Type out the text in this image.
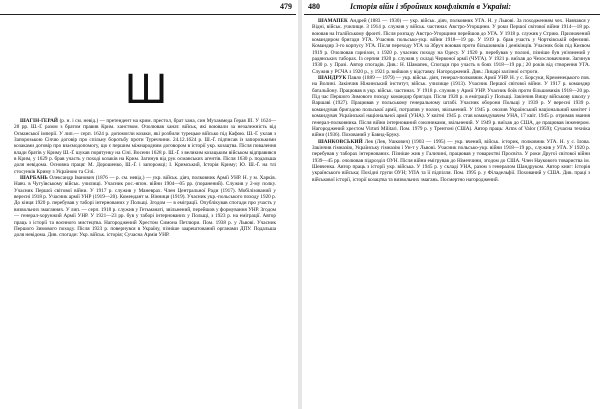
479
Ш

ШАГІН-ҐЕРАЙ (р. н. і см. невід.) — претендент на крим. престол, брат хана, син Мухаммеда Ґерая III. У 1624—28 рр. Ш.-Ґ. разом з братом правив Крим. ханством. Очолював ханат. військ, які воювали за незалежність від Османської імперії. У лип.— серп. 1624 р. допомогли козаки, які розбили турецьке військо під Кафою. Ш.-Ґ. уклав з Запорозькою Січчю договір про спільну боротьбу проти Туреччини. 24.12.1624 р. Ш.-Ґ. підписав із запорозькими козаками договір про взаємодопомогу, що є першим міжнародним договором в історії укр. козацтва. Після повалення влади братів у Криму Ш.-Ґ. шукав порятунку на Січі. Восени 1628 р. Ш.-Ґ. з великим козацьким військом відправився в Крим, у 1629 р. брав участь у поході козаків на Крим. Загинув від рук османських агентів. Після 1630 р. подальша доля невідома. Основна праця: М. Дорошенко, Ш.-Ґ. і запорожці; І. Кримський, Історія Криму; Ю. Ш.-Ґ. на тлі стосунків Криму з Україною та Січі.

ШАРБАНЬ Олександр Іванович (1876 — р. см. невід.) — укр. військ. діяч, полковник Армії УНР. Н. у м. Харків. Навч. в Чугуївському військ. училищі. Учасник рос.-япон. війни 1904—05 рр. (поранений). Служив у 2-му полку. Учасник Першої світової війни. У 1917 р. служив у Маневрах. Член Центральної Ради (1917). Мобілізований у вересні 1918 р. Учасник армії УНР (1919—20). Комендант м. Вінниця (1919). Учасник укр.-польського походу 1920 р. До кінця 1920 р. перебував у таборі інтернованих у Польщі. Згодом — в еміграції. Опублікував спогади про участь у визвольних змаганнях. У лип. — серп. 1918 р. служив у Гетьманаті, звільнений, перейшов у формування УНР. Згодом — генерал-хорунжий Армії УНР. У 1921—23 рр. був у таборі інтернованих у Польщі, з 1923 р. на еміграції. Автор праць з історії та воєнного мистецтва. Нагороджений Хрестом Симона Петлюри. Пом. 1938 р. у Львові. Учасник Першого Зимового походу. Після 1923 р. повернувся в Україну, пізніше заарештований органами ДПУ. Подальша доля невідома. Див. спогади: Укр. військ. історія; Сучасна Армія УНР.

480	Історія війн і збройних конфліктів в Україні:

ШАМАПЕК Андрей (1883 — 1930) — укр. військ. діяч, полковник УГА. Н. у Львові. За походженням чех. Навчався у Відні, військ. училище. З 1914 р. служив у військ. частинах Австро-Угорщини. У роки Першої світової війни 1914—18 рр. воював на Італійському фронті. Після розпаду Австро-Угорщини перейшов до УГА. У 1918 р. служив у Стрию. Призначений командиром бригади УГА. Учасник польсько-укр. війни 1918—19 рр. У 1919 р. брав участь у Чортківській офензиві. Командир 3-го корпусу УГА. Після переходу УГА за Збруч воював проти більшовиків і денікінців. Учасник боїв під Києвом 1919 р. Очолював гарнізон, з 1920 р. учасник походу на Одесу. У 1920 р. перебував у полоні, пізніше був ув'язнений у радянських таборах. Із серпня 1920 р. служив у складі Червоної армії (ЧУГА). У 1921 р. виїхав до Чехословаччини. Загинув 1930 р. у Празі. Автор спогадів. Див.: Н. Шамапек, Спогади про участь в боях 1918—19 рр.; 20 років від створення УГА. Служив у РСЧА з 1920 р., у 1921 р. вийшов у відставку. Нагороджений. Див.: Лицарі залізної остроги.

ШАНДРУК Павло (1889 — 1979) — укр. військ. діяч, генерал-полковник Армії УНР. Н. у с. Борсуки, Кременецького пов. на Волині. Закінчив Ніжинський інститут, військ. училище (1913). Учасник Першої світової війни. У 1917 р. командир батальйону. Працював в укр. військ. частинах. У 1918 р. служив у Армії УНР. Учасник боїв проти більшовиків 1918—20 рр. Під час Першого Зимового походу командир бригади. Після 1920 р. в еміграції у Польщі. Закінчив Вищу військову школу у Варшаві (1927). Працював у польському генеральному штабі. Учасник оборони Польщі у 1939 р. У вересні 1939 р. командував бригадою польської армії, потрапив у полон, звільнений. У 1945 р. очолив Український національний комітет і командувач Української національної армії (УНА). У квітні 1945 р. став командувачем УНА, 17 квіт. 1945 р. отримав звання генерал-полковника. Після війни інтернований союзниками, звільнений. У 1949 р. виїхав до США, де працював інженером. Нагороджений хрестом Virtuti Militari. Пом. 1979 р. у Трентоні (США). Автор праць: Arms of Valor (1959); Сучасна техніка війни (1936). Похований у Бавнд-Бруку.

ШАНКОВСЬКИЙ Лев (Лев, Ушкович) (1903 — 1995) — укр. вчений, військ. історик, полковник УГА. Н. у с. Ілова. Закінчив гімназію, Українську гімназію і Ун-т у Львові. Учасник польсько-укр. війни 1918—19 рр., служив у УГА. У 1920 р. перебував у таборах інтернованих. Пізніше жив у Галичині, працював у товаристві Просвіта. У роки Другої світової війни 1939—45 рр. очолював підрозділ ОУН. Після війни емігрував до Німеччини, згодом до США. Член Наукового товариства ім. Шевченка. Автор праць з історії укр. війська. У 1945 р. у складі УНА, разом з генералом Шандруком. Автор книг: Історія українського війська; Похідні групи ОУН; УПА та її підпілля. Пом. 1995 р. у Філадельфії. Похований у США. Див. праці з військової історії, історії козацтва та визвольних змагань. Посмертно нагороджений.
